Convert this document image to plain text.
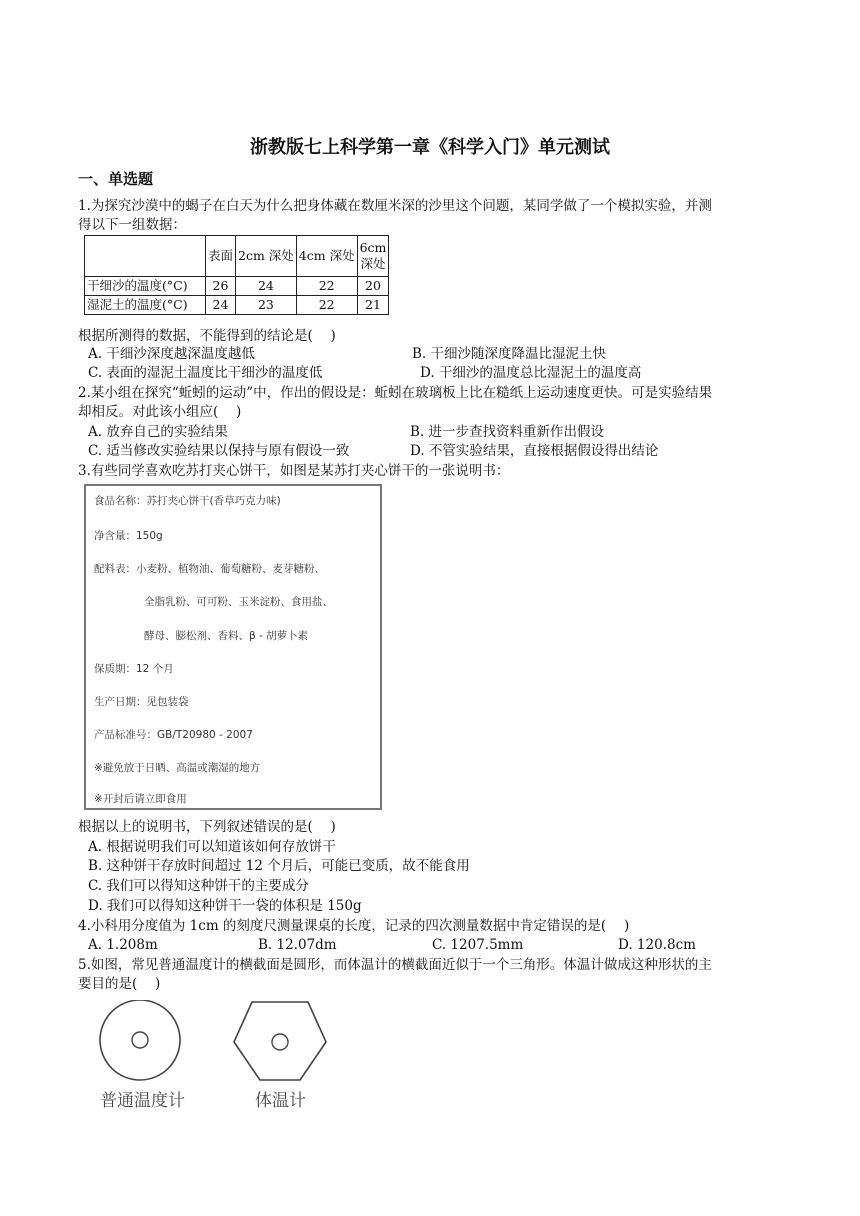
浙教版七上科学第一章《科学入门》单元测试
一、单选题
1.为探究沙漠中的蝎子在白天为什么把身体藏在数厘米深的沙里这个问题，某同学做了一个模拟实验，并测
得以下一组数据：
	表面	2cm 深处	4cm 深处	6cm
深处
干细沙的温度(°C)	26	24	22	20
湿泥土的温度(°C)	24	23	22	21
根据所测得的数据，不能得到的结论是(　 )
A. 干细沙深度越深温度越低	B. 干细沙随深度降温比湿泥土快
C. 表面的湿泥土温度比干细沙的温度低	D. 干细沙的温度总比湿泥土的温度高
2.某小组在探究“蚯蚓的运动”中，作出的假设是：蚯蚓在玻璃板上比在糙纸上运动速度更快。可是实验结果
却相反。对此该小组应(　 )
A. 放弃自己的实验结果	B. 进一步查找资料重新作出假设
C. 适当修改实验结果以保持与原有假设一致	D. 不管实验结果，直接根据假设得出结论
3.有些同学喜欢吃苏打夹心饼干，如图是某苏打夹心饼干的一张说明书：
食品名称：苏打夹心饼干(香草巧克力味)
净含量：150g
配料表：小麦粉、植物油、葡萄糖粉、麦芽糖粉、
全脂乳粉、可可粉、玉米淀粉、食用盐、
酵母、膨松剂、香料、β - 胡萝卜素
保质期：12 个月
生产日期：见包装袋
产品标准号：GB/T20980 - 2007
※避免放于日晒、高温或潮湿的地方
※开封后请立即食用
根据以上的说明书，下列叙述错误的是(　 )
A. 根据说明我们可以知道该如何存放饼干
B. 这种饼干存放时间超过 12 个月后，可能已变质，故不能食用
C. 我们可以得知这种饼干的主要成分
D. 我们可以得知这种饼干一袋的体积是 150g
4.小科用分度值为 1cm 的刻度尺测量课桌的长度，记录的四次测量数据中肯定错误的是(　 )
A. 1.208m	B. 12.07dm	C. 1207.5mm	D. 120.8cm
5.如图，常见普通温度计的横截面是圆形，而体温计的横截面近似于一个三角形。体温计做成这种形状的主
要目的是(　 )
普通温度计	体温计
